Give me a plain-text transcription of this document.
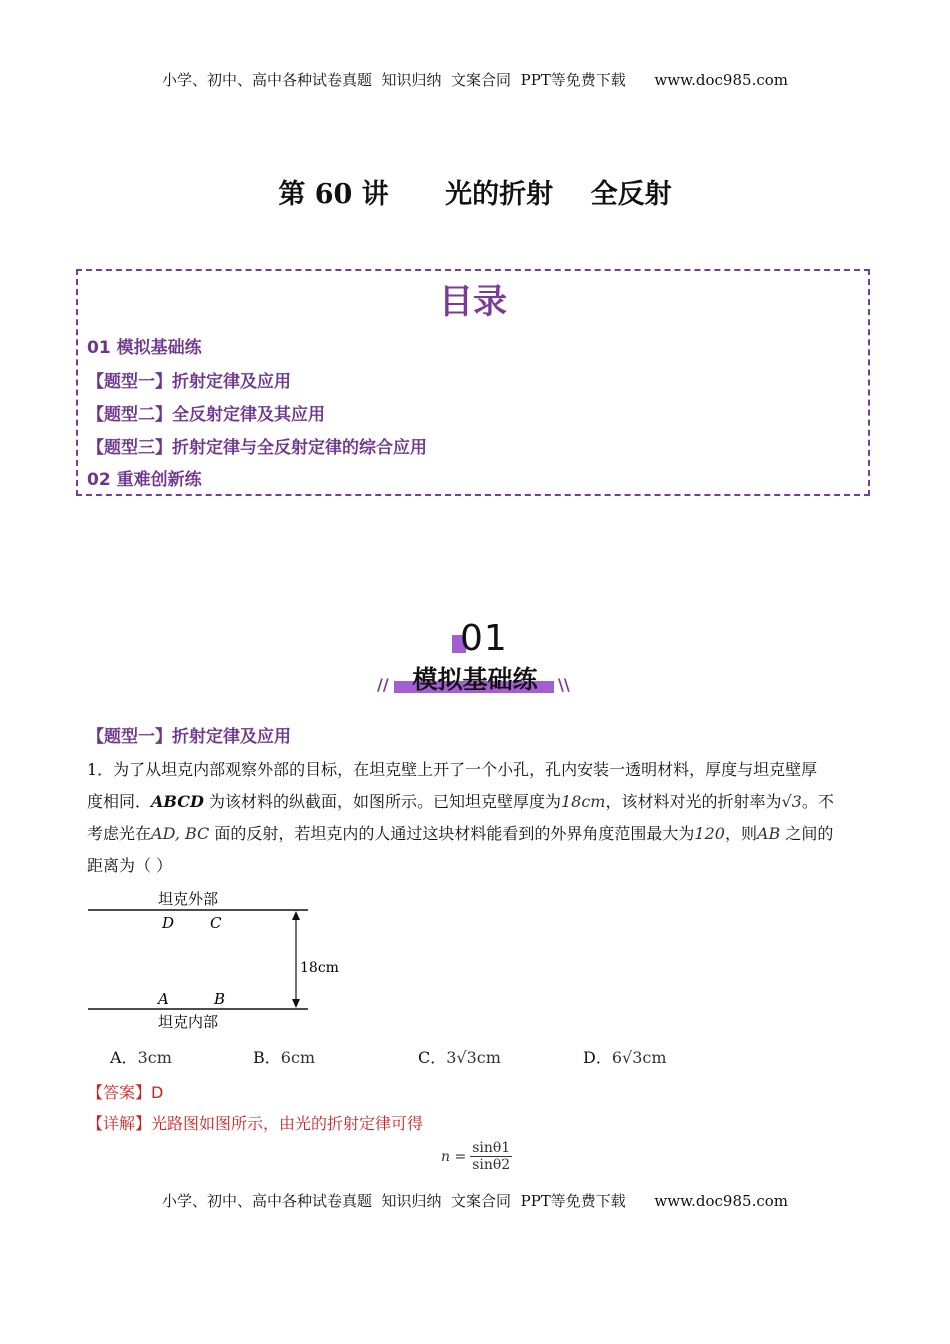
小学、初中、高中各种试卷真题  知识归纳  文案合同  PPT等免费下载      www.doc985.com
第 60 讲      光的折射    全反射
目录
01 模拟基础练
【题型一】折射定律及应用
【题型二】全反射定律及其应用
【题型三】折射定律与全反射定律的综合应用
02 重难创新练
01
模拟基础练
//	\\
【题型一】折射定律及应用
1．为了从坦克内部观察外部的目标，在坦克壁上开了一个小孔，孔内安装一透明材料，厚度与坦克壁厚
度相同．ABCD 为该材料的纵截面，如图所示。已知坦克壁厚度为18cm，该材料对光的折射率为√3。不
考虑光在AD, BC 面的反射，若坦克内的人通过这块材料能看到的外界角度范围最大为120，则AB 之间的
距离为（ ）
坦克外部
坦克内部
D C
A	B
18cm
A．3cm	B．6cm	C．3√3cm	D．6√3cm
【答案】D
【详解】光路图如图所示，由光的折射定律可得
n =	sinθ1
sinθ2
小学、初中、高中各种试卷真题  知识归纳  文案合同  PPT等免费下载      www.doc985.com
